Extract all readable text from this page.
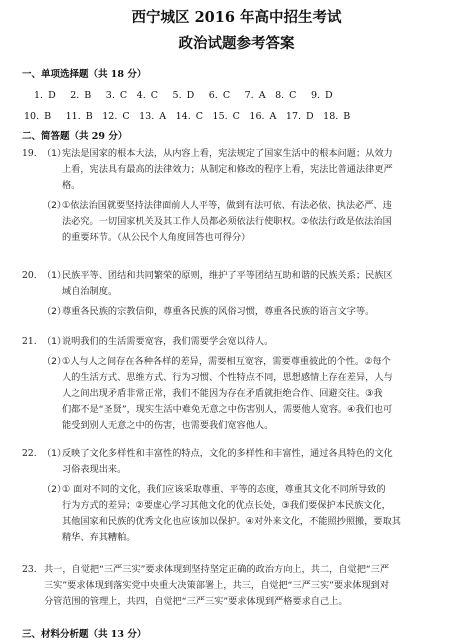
西宁城区 2016 年高中招生考试

政治试题参考答案

一、单项选择题（共 18 分）
1. D　 2. B　 3. C　4. C　 5. D　 6. C　 7. A　8. C　 9. D
10. B　 11. B　12. C　13. A　14. C　15. C　16. A　17. D　18. B
二、简答题（共 29 分）
19. （1）
宪法是国家的根本大法，从内容上看，宪法规定了国家生活中的根本问题；从效力
上看，宪法具有最高的法律效力；从制定和修改的程序上看，宪法比普通法律更严
格。
（2）
①依法治国就要坚持法律面前人人平等，做到有法可依、有法必依、执法必严、违
法必究。一切国家机关及其工作人员都必须依法行使职权。②依法行政是依法治国
的重要环节。（从公民个人角度回答也可得分）
20. （1）
民族平等、团结和共同繁荣的原则，维护了平等团结互助和谐的民族关系；民族区
域自治制度。
（2）
尊重各民族的宗教信仰，尊重各民族的风俗习惯，尊重各民族的语言文字等。
21. （1）
说明我们的生活需要宽容，我们需要学会宽以待人。
（2）
①人与人之间存在各种各样的差异，需要相互宽容，需要尊重彼此的个性。②每个
人的生活方式、思维方式、行为习惯、个性特点不同，思想感情上存在差异，人与
人之间出现矛盾非常正常，我们不能因为存在矛盾就拒绝合作、回避交往。③我
们都不是“圣贤”，现实生活中难免无意之中伤害别人，需要他人宽容。④我们也可
能受到别人无意之中的伤害，也需要我们宽容他人。
22. （1）
反映了文化多样性和丰富性的特点，文化的多样性和丰富性，通过各具特色的文化
习俗表现出来。
（2）
① 面对不同的文化，我们应该采取尊重、平等的态度，尊重其文化不同所导致的
行为方式的差异；②要虚心学习其他文化的优点长处，③我们要保护本民族文化，
其他国家和民族的优秀文化也应该加以保护。④对外来文化，不能照抄照搬，要取其
精华、弃其糟粕。
23. 共一，自觉把“三严三实”要求体现到坚持坚定正确的政治方向上，共二，自觉把“三严
三实”要求体现到落实党中央重大决策部署上，共三，自觉把“三严三实”要求体现到对
分管范围的管理上，共四，自觉把“三严三实”要求体现到严格要求自己上。
三、材料分析题（共 13 分）
